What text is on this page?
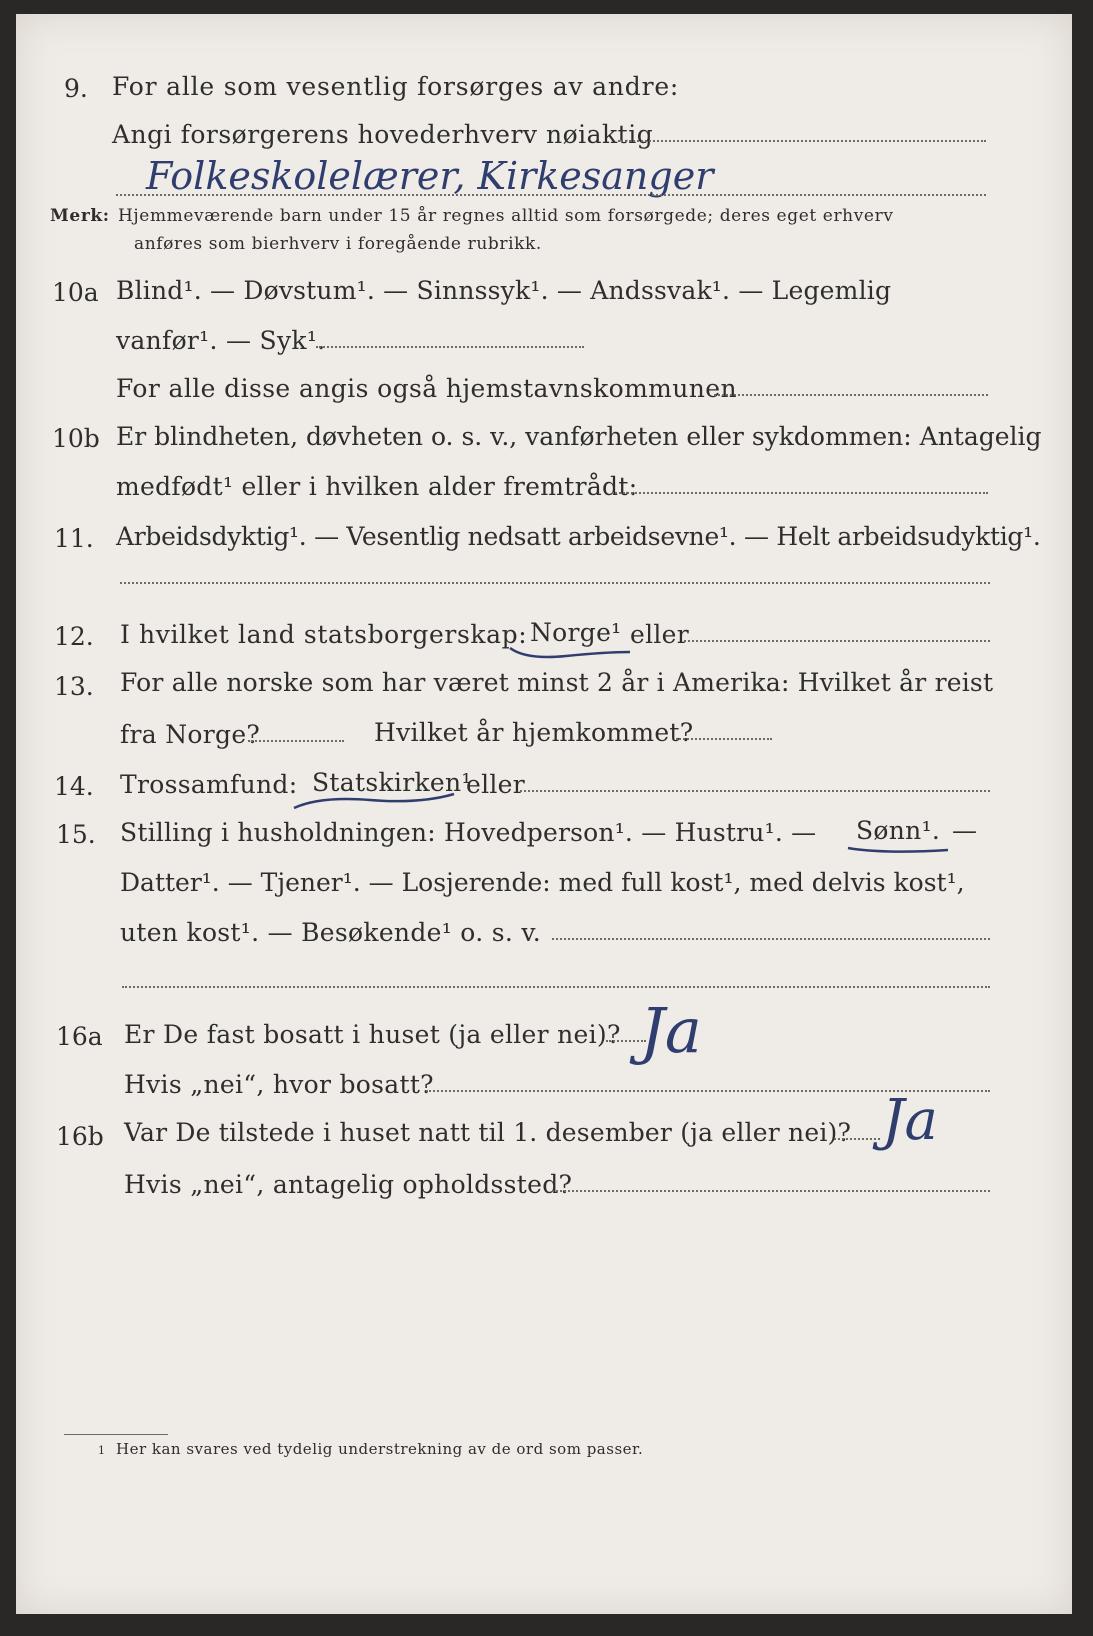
9. For alle som vesentlig forsørges av andre:
Angi forsørgerens hovederhverv nøiaktig
Folkeskolelærer, Kirkesanger
Merk: Hjemmeværende barn under 15 år regnes alltid som forsørgede; deres eget erhverv
anføres som bierhverv i foregående rubrikk.
10a Blind¹. — Døvstum¹. — Sinnssyk¹. — Andssvak¹. — Legemlig
vanfør¹. — Syk¹.
For alle disse angis også hjemstavnskommunen
10b Er blindheten, døvheten o. s. v., vanførheten eller sykdommen: Antagelig
medfødt¹ eller i hvilken alder fremtrådt:
11. Arbeidsdyktig¹. — Vesentlig nedsatt arbeidsevne¹. — Helt arbeidsudyktig¹.
12. I hvilket land statsborgerskap: Norge¹ eller
13. For alle norske som har været minst 2 år i Amerika: Hvilket år reist
fra Norge?	Hvilket år hjemkommet?
14. Trossamfund: Statskirken¹
eller
15. Stilling i husholdningen: Hovedperson¹. — Hustru¹. — Sønn¹. —
Datter¹. — Tjener¹. — Losjerende: med full kost¹, med delvis kost¹,
uten kost¹. — Besøkende¹ o. s. v.
16a Er De fast bosatt i huset (ja eller nei)? Ja
Hvis „nei“, hvor bosatt?
16b Var De tilstede i huset natt til 1. desember (ja eller nei)? Ja
Hvis „nei“, antagelig opholdssted?
1 Her kan svares ved tydelig understrekning av de ord som passer.
